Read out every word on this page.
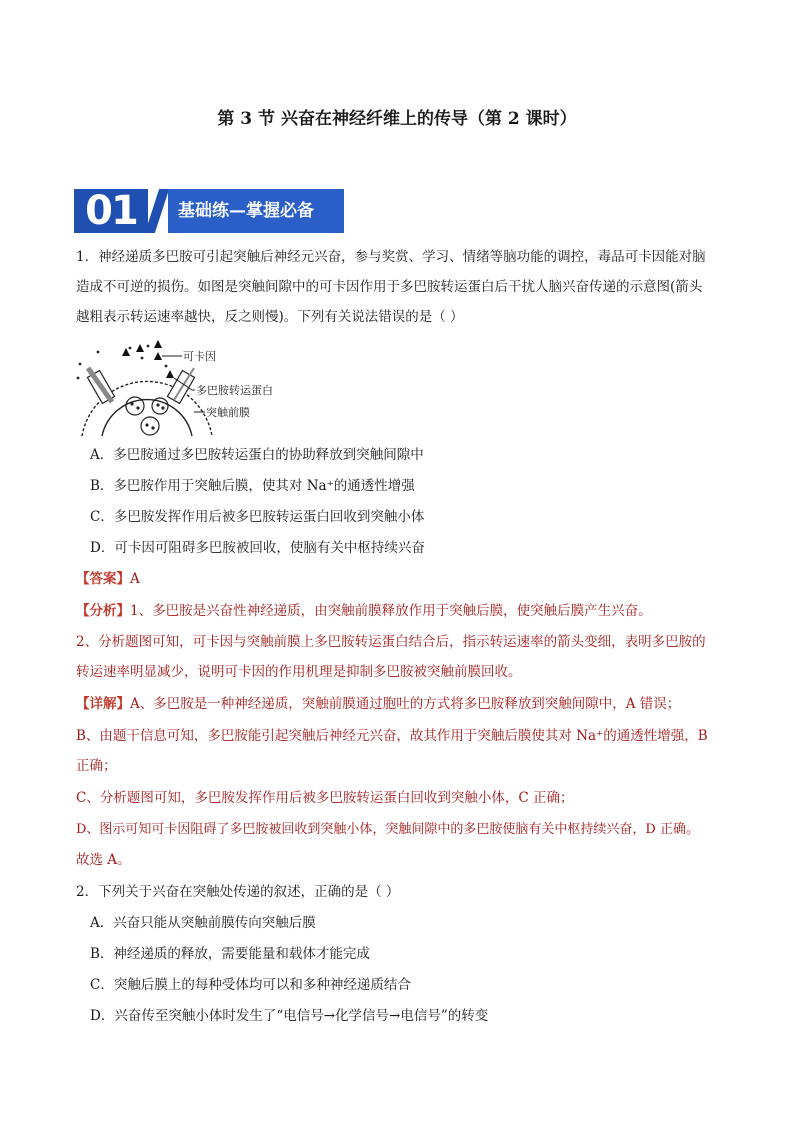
第 3 节 兴奋在神经纤维上的传导（第 2 课时）
01	基础练—掌握必备
1．神经递质多巴胺可引起突触后神经元兴奋，参与奖赏、学习、情绪等脑功能的调控，毒品可卡因能对脑
造成不可逆的损伤。如图是突触间隙中的可卡因作用于多巴胺转运蛋白后干扰人脑兴奋传递的示意图(箭头
越粗表示转运速率越快，反之则慢)。下列有关说法错误的是（ ）
可卡因
多巴胺转运蛋白
突触前膜
A．多巴胺通过多巴胺转运蛋白的协助释放到突触间隙中
B．多巴胺作用于突触后膜，使其对 Na⁺的通透性增强
C．多巴胺发挥作用后被多巴胺转运蛋白回收到突触小体
D．可卡因可阻碍多巴胺被回收，使脑有关中枢持续兴奋
【答案】A
【分析】1、多巴胺是兴奋性神经递质，由突触前膜释放作用于突触后膜，使突触后膜产生兴奋。
2、分析题图可知，可卡因与突触前膜上多巴胺转运蛋白结合后，指示转运速率的箭头变细，表明多巴胺的
转运速率明显减少，说明可卡因的作用机理是抑制多巴胺被突触前膜回收。
【详解】A、多巴胺是一种神经递质，突触前膜通过胞吐的方式将多巴胺释放到突触间隙中，A 错误；
B、由题干信息可知，多巴胺能引起突触后神经元兴奋，故其作用于突触后膜使其对 Na⁺的通透性增强，B
正确；
C、分析题图可知，多巴胺发挥作用后被多巴胺转运蛋白回收到突触小体，C 正确；
D、图示可知可卡因阻碍了多巴胺被回收到突触小体，突触间隙中的多巴胺使脑有关中枢持续兴奋，D 正确。
故选 A。
2．下列关于兴奋在突触处传递的叙述，正确的是（ ）
A．兴奋只能从突触前膜传向突触后膜
B．神经递质的释放，需要能量和载体才能完成
C．突触后膜上的每种受体均可以和多种神经递质结合
D．兴奋传至突触小体时发生了“电信号→化学信号→电信号”的转变
